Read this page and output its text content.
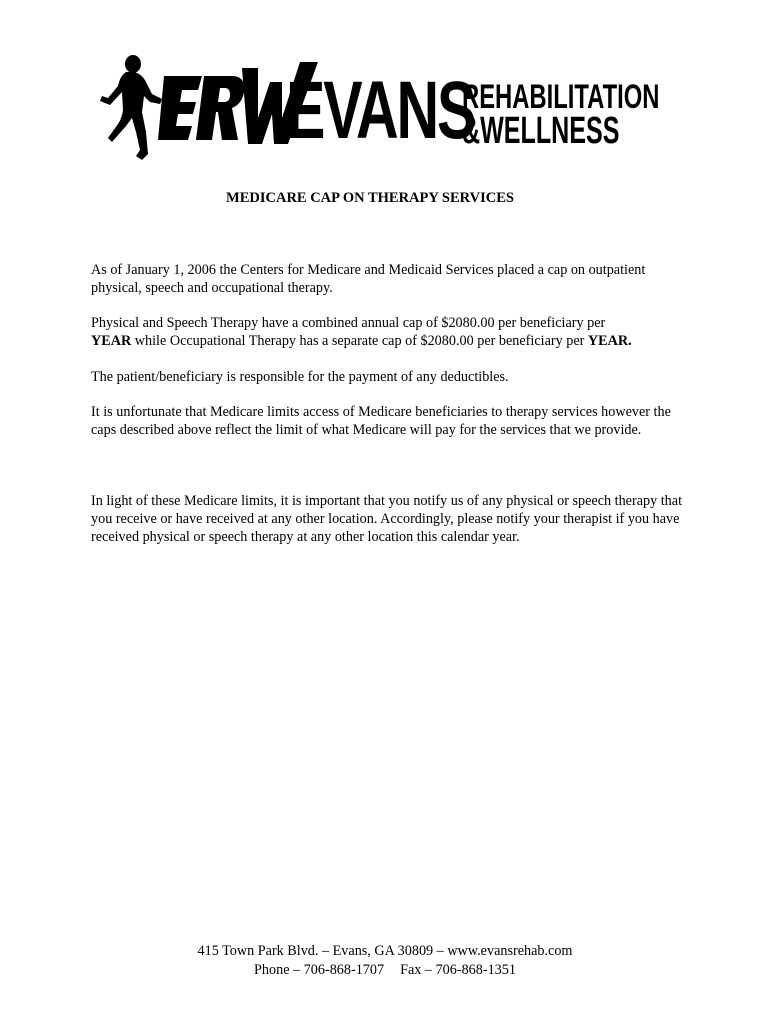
EVANS
REHABILITATION
&WELLNESS
MEDICARE CAP ON THERAPY SERVICES
As of January 1, 2006 the Centers for Medicare and Medicaid Services placed a cap on outpatient physical, speech and occupational therapy.
Physical and Speech Therapy have a combined annual cap of $2080.00 per beneficiary per
YEAR while Occupational Therapy has a separate cap of $2080.00 per beneficiary per YEAR.
The patient/beneficiary is responsible for the payment of any deductibles.
It is unfortunate that Medicare limits access of Medicare beneficiaries to therapy services however the caps described above reflect the limit of what Medicare will pay for the services that we provide.
In light of these Medicare limits, it is important that you notify us of any physical or speech therapy that you receive or have received at any other location. Accordingly, please notify your therapist if you have received physical or speech therapy at any other location this calendar year.
415 Town Park Blvd. – Evans, GA 30809 – www.evansrehab.com
Phone – 706-868-1707 Fax – 706-868-1351
